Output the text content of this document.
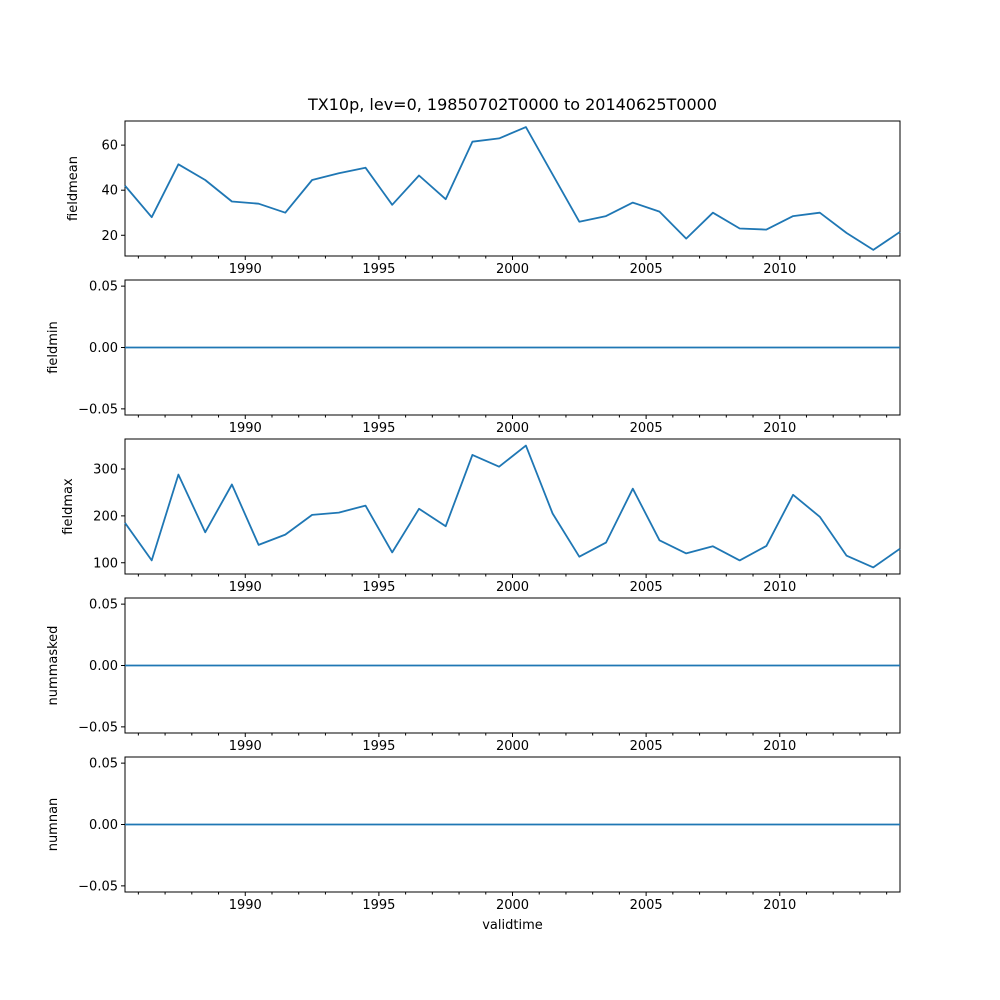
20
40
60
1990	1995	2000	2005	2010
fieldmean
−0.05
0.00
0.05
1990	1995	2000	2005	2010
fieldmin
100
200
300
1990	1995	2000	2005	2010
fieldmax
−0.05
0.00
0.05
1990	1995	2000	2005	2010
nummasked
−0.05
0.00
0.05
1990	1995	2000	2005	2010
numnan
TX10p, lev=0, 19850702T0000 to 20140625T0000
validtime
